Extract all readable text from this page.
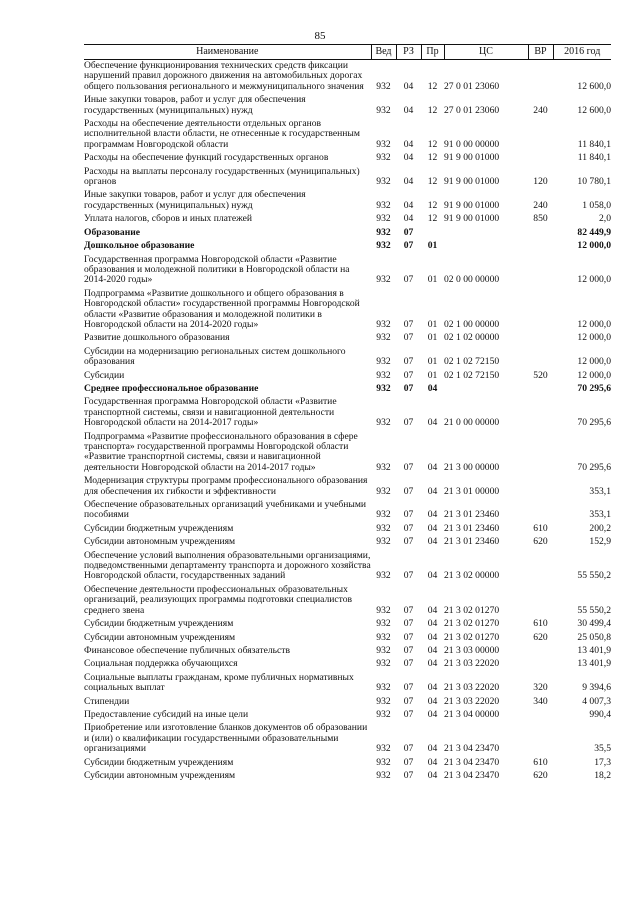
85
Наименование	Вед	РЗ	Пр	ЦС	ВР	2016 год
Обеспечение функционирования технических средств фиксации нарушений правил дорожного движения на автомобильных дорогах общего пользования регионального и межмуниципального значения	932	04	12	27 0 01 23060		12 600,0
Иные закупки товаров, работ и услуг для обеспечения государственных (муниципальных) нужд	932	04	12	27 0 01 23060	240	12 600,0
Расходы на обеспечение деятельности отдельных органов исполнительной власти области, не отнесенные к государственным программам Новгородской области	932	04	12	91 0 00 00000		11 840,1
Расходы на обеспечение функций государственных органов	932	04	12	91 9 00 01000		11 840,1
Расходы на выплаты персоналу государственных (муниципальных) органов	932	04	12	91 9 00 01000	120	10 780,1
Иные закупки товаров, работ и услуг для обеспечения государственных (муниципальных) нужд	932	04	12	91 9 00 01000	240	1 058,0
Уплата налогов, сборов и иных платежей	932	04	12	91 9 00 01000	850	2,0
Образование	932	07				82 449,9
Дошкольное образование	932	07	01			12 000,0
Государственная программа Новгородской области «Развитие образования и молодежной политики в Новгородской области на 2014-2020 годы»	932	07	01	02 0 00 00000		12 000,0
Подпрограмма «Развитие дошкольного и общего образования в Новгородской области» государственной программы Новгородской области «Развитие образования и молодежной политики в Новгородской области на 2014-2020 годы»	932	07	01	02 1 00 00000		12 000,0
Развитие дошкольного образования	932	07	01	02 1 02 00000		12 000,0
Субсидии на модернизацию региональных систем дошкольного образования	932	07	01	02 1 02 72150		12 000,0
Субсидии	932	07	01	02 1 02 72150	520	12 000,0
Среднее профессиональное образование	932	07	04			70 295,6
Государственная программа Новгородской области «Развитие транспортной системы, связи и навигационной деятельности Новгородской области на 2014-2017 годы»	932	07	04	21 0 00 00000		70 295,6
Подпрограмма «Развитие профессионального образования в сфере транспорта» государственной программы Новгородской области «Развитие транспортной системы, связи и навигационной деятельности Новгородской области на 2014-2017 годы»	932	07	04	21 3 00 00000		70 295,6
Модернизация структуры программ профессионального образования для обеспечения их гибкости и эффективности	932	07	04	21 3 01 00000		353,1
Обеспечение образовательных организаций учебниками и учебными пособиями	932	07	04	21 3 01 23460		353,1
Субсидии бюджетным учреждениям	932	07	04	21 3 01 23460	610	200,2
Субсидии автономным учреждениям	932	07	04	21 3 01 23460	620	152,9
Обеспечение условий выполнения образовательными организациями, подведомственными департаменту транспорта и дорожного хозяйства Новгородской области, государственных заданий	932	07	04	21 3 02 00000		55 550,2
Обеспечение деятельности профессиональных образовательных организаций, реализующих программы подготовки специалистов среднего звена	932	07	04	21 3 02 01270		55 550,2
Субсидии бюджетным учреждениям	932	07	04	21 3 02 01270	610	30 499,4
Субсидии автономным учреждениям	932	07	04	21 3 02 01270	620	25 050,8
Финансовое обеспечение публичных обязательств	932	07	04	21 3 03 00000		13 401,9
Социальная поддержка обучающихся	932	07	04	21 3 03 22020		13 401,9
Социальные выплаты гражданам, кроме публичных нормативных социальных выплат	932	07	04	21 3 03 22020	320	9 394,6
Стипендии	932	07	04	21 3 03 22020	340	4 007,3
Предоставление субсидий на иные цели	932	07	04	21 3 04 00000		990,4
Приобретение или изготовление бланков документов об образовании и (или) о квалификации государственными образовательными организациями	932	07	04	21 3 04 23470		35,5
Субсидии бюджетным учреждениям	932	07	04	21 3 04 23470	610	17,3
Субсидии автономным учреждениям	932	07	04	21 3 04 23470	620	18,2
